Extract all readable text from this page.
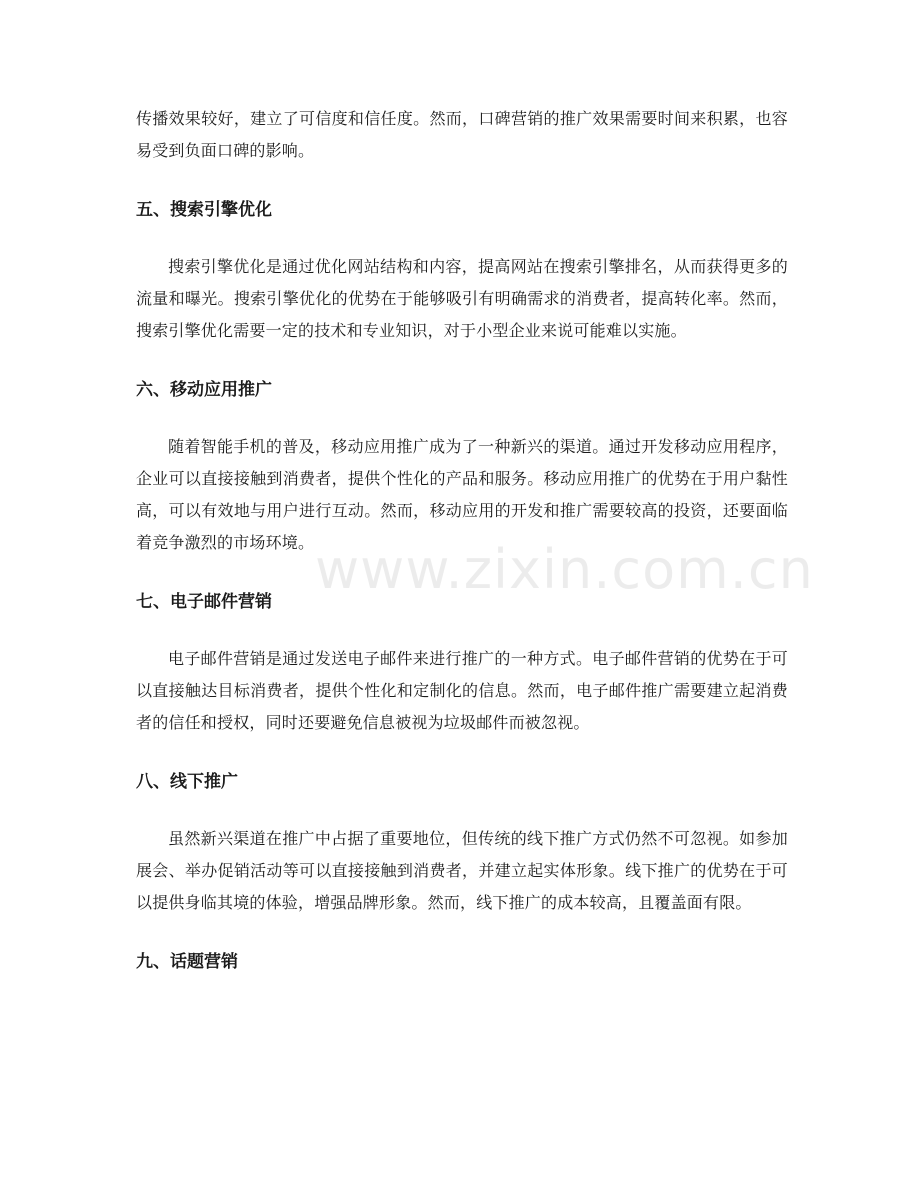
传播效果较好，建立了可信度和信任度。然而，口碑营销的推广效果需要时间来积累，也容易受到负面口碑的影响。

五、搜索引擎优化

搜索引擎优化是通过优化网站结构和内容，提高网站在搜索引擎排名，从而获得更多的流量和曝光。搜索引擎优化的优势在于能够吸引有明确需求的消费者，提高转化率。然而，搜索引擎优化需要一定的技术和专业知识，对于小型企业来说可能难以实施。

六、移动应用推广

随着智能手机的普及，移动应用推广成为了一种新兴的渠道。通过开发移动应用程序，企业可以直接接触到消费者，提供个性化的产品和服务。移动应用推广的优势在于用户黏性高，可以有效地与用户进行互动。然而，移动应用的开发和推广需要较高的投资，还要面临着竞争激烈的市场环境。

七、电子邮件营销

电子邮件营销是通过发送电子邮件来进行推广的一种方式。电子邮件营销的优势在于可以直接触达目标消费者，提供个性化和定制化的信息。然而，电子邮件推广需要建立起消费者的信任和授权，同时还要避免信息被视为垃圾邮件而被忽视。

八、线下推广

虽然新兴渠道在推广中占据了重要地位，但传统的线下推广方式仍然不可忽视。如参加展会、举办促销活动等可以直接接触到消费者，并建立起实体形象。线下推广的优势在于可以提供身临其境的体验，增强品牌形象。然而，线下推广的成本较高，且覆盖面有限。

九、话题营销
www.zixin.com.cn
